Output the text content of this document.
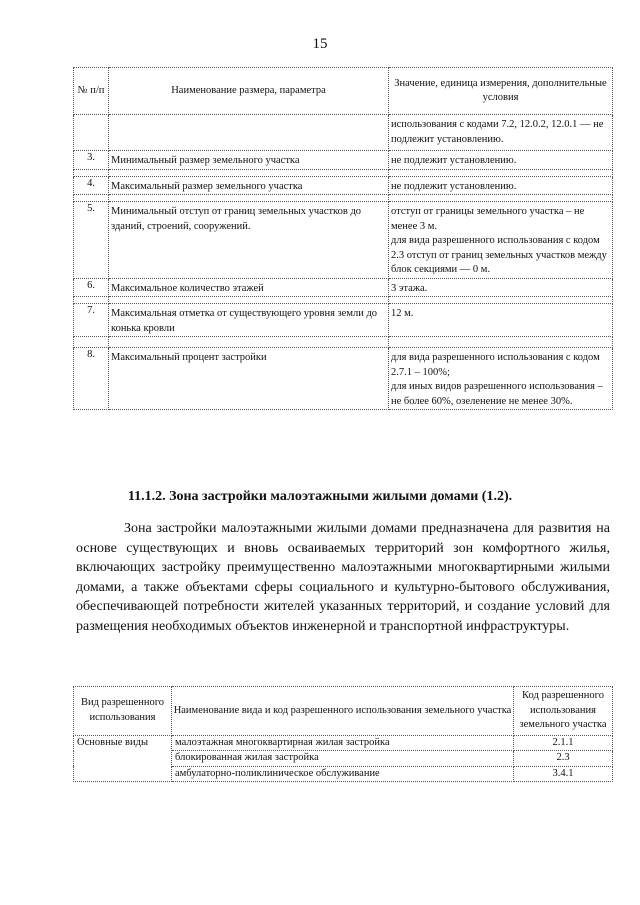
15
№ п/п	Наименование размера, параметра	Значение, единица измерения, дополнительные условия
		использования с кодами 7.2, 12.0.2, 12.0.1 — не подлежит установлению.
3.	Минимальный размер земельного участка	не подлежит установлению.

4.	Максимальный размер земельного участка	не подлежит установлению.

5.	Минимальный отступ от границ земельных участков до зданий, строений, сооружений.	отступ от границы земельного участка – не менее 3 м.
для вида разрешенного использования с кодом 2.3 отступ от границ земельных участков между блок секциями — 0 м.

6.	Максимальное количество этажей	3 этажа.

7.	Максимальная отметка от существующего уровня земли до конька кровли	12 м.

8.	Максимальный процент застройки	для вида разрешенного использования с кодом 2.7.1 – 100%;
для иных видов разрешенного использования – не более 60%, озеленение не менее 30%.
11.1.2. Зона застройки малоэтажными жилыми домами (1.2).

Зона застройки малоэтажными жилыми домами предназначена для развития на основе существующих и вновь осваиваемых территорий зон комфортного жилья, включающих застройку преимущественно малоэтажными многоквартирными жилыми домами, а также объектами сферы социального и культурно-бытового обслуживания, обеспечивающей потребности жителей указанных территорий, и создание условий для размещения необходимых объектов инженерной и транспортной инфраструктуры.

Вид разрешенного использования	Наименование вида и код разрешенного использования земельного участка	Код разрешенного использования земельного участка
Основные виды	малоэтажная многоквартирная жилая застройка	2.1.1
	блокированная жилая застройка	2.3
	амбулаторно-поликлиническое обслуживание	3.4.1
